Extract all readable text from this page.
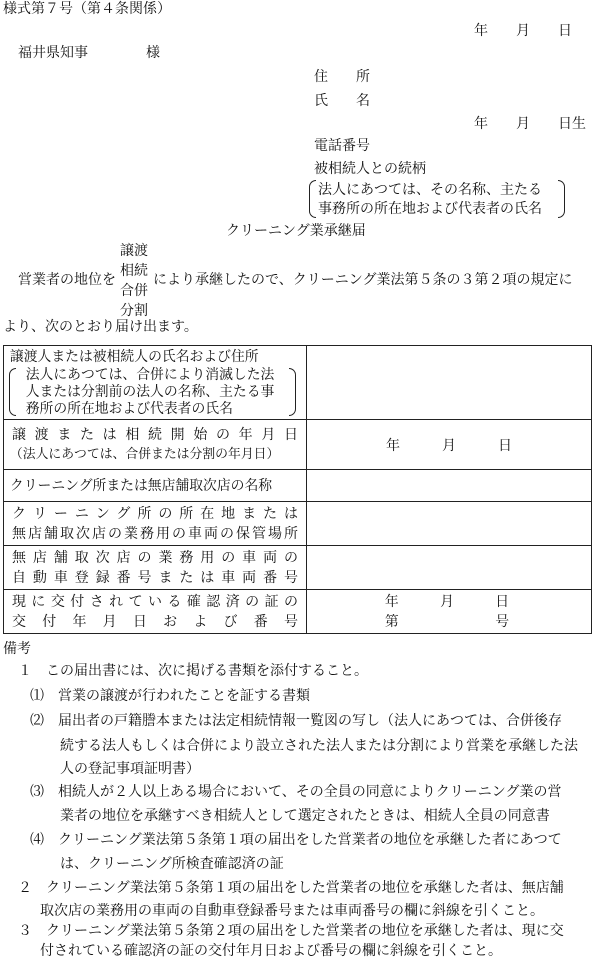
様式第７号（第４条関係）
年　　月　　日
福井県知事	様
住　　所
氏　　名
年　　月　　日生
電話番号
被相続人との続柄
法人にあつては、その名称、主たる
事務所の所在地および代表者の氏名
クリーニング業承継届
営業者の地位を
譲渡
相続
合併
分割
により承継したので、クリーニング業法第５条の３第２項の規定に
より、次のとおり届け出ます。
譲渡人または被相続人の氏名および住所
法人にあつては、合併により消滅した法
人または分割前の法人の名称、主たる事
務所の所在地および代表者の氏名	

譲渡または相続開始の年月日
（法人にあつては、合併または分割の年月日）	年　　　月　　　日

クリーニング所または無店舗取次店の名称	

クリーニング所の所在地または
無店舗取次店の業務用の車両の保管場所	

無店舗取次店の業務用の車両の
自動車登録番号または車両番号	

現に交付されている確認済の証の
交付年月日および番号	年　　　月　　　日
第　　　　　　　号
備考
１　この届出書には、次に掲げる書類を添付すること。
⑴　営業の譲渡が行われたことを証する書類
⑵　届出者の戸籍謄本または法定相続情報一覧図の写し（法人にあつては、合併後存
続する法人もしくは合併により設立された法人または分割により営業を承継した法
人の登記事項証明書）
⑶　相続人が２人以上ある場合において、その全員の同意によりクリーニング業の営
業者の地位を承継すべき相続人として選定されたときは、相続人全員の同意書
⑷　クリーニング業法第５条第１項の届出をした営業者の地位を承継した者にあつて
は、クリーニング所検査確認済の証
２　クリーニング業法第５条第１項の届出をした営業者の地位を承継した者は、無店舗
取次店の業務用の車両の自動車登録番号または車両番号の欄に斜線を引くこと。
３　クリーニング業法第５条第２項の届出をした営業者の地位を承継した者は、現に交
付されている確認済の証の交付年月日および番号の欄に斜線を引くこと。
